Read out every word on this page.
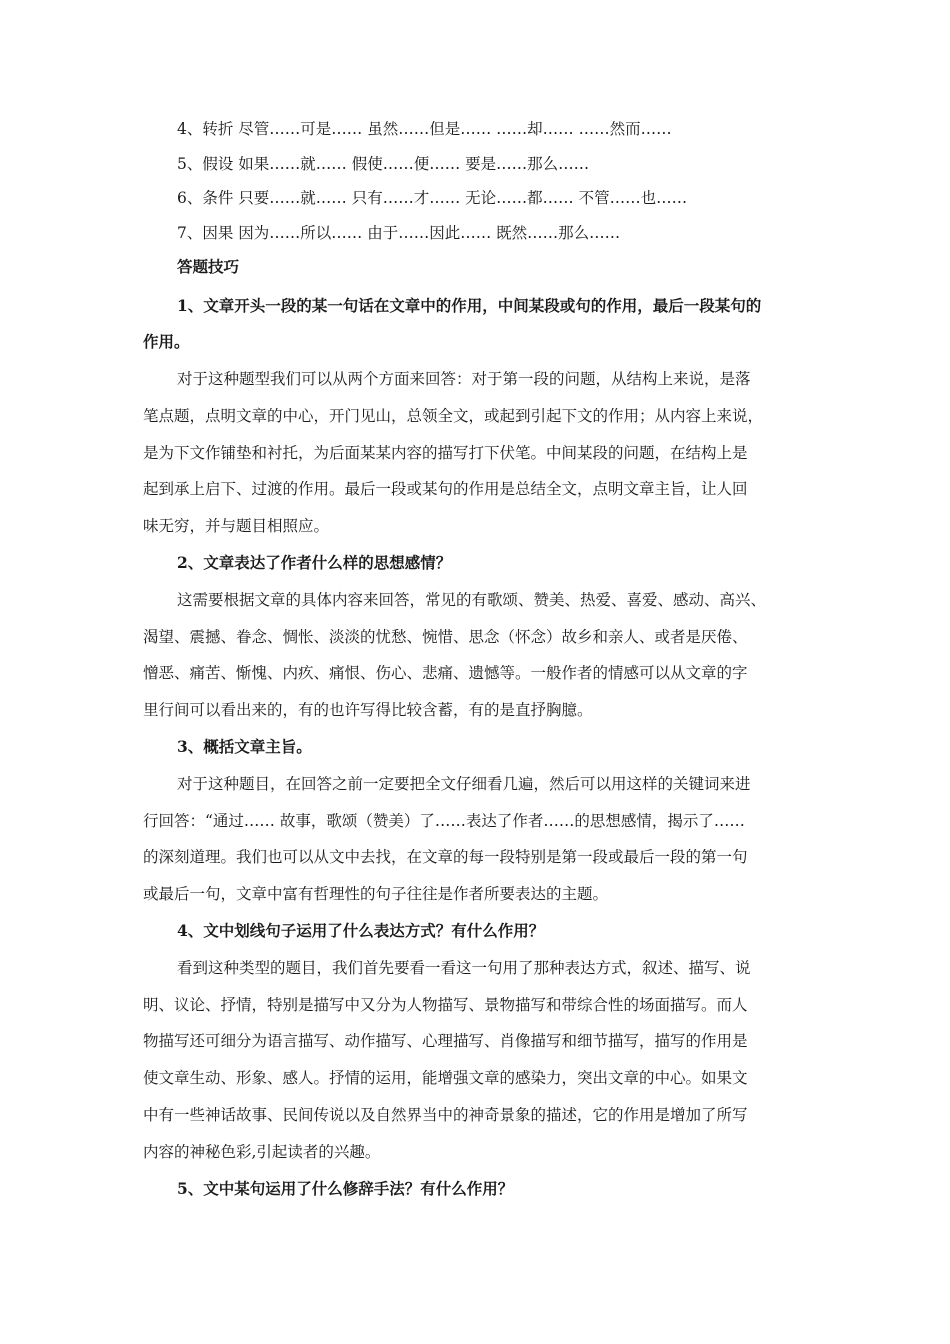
4、转折 尽管……可是…… 虽然……但是…… ……却…… ……然而……
5、假设 如果……就…… 假使……便…… 要是……那么……
6、条件 只要……就…… 只有……才…… 无论……都…… 不管……也……
7、因果 因为……所以…… 由于……因此…… 既然……那么……
答题技巧
1、文章开头一段的某一句话在文章中的作用，中间某段或句的作用，最后一段某句的
作用。
对于这种题型我们可以从两个方面来回答：对于第一段的问题，从结构上来说，是落
笔点题，点明文章的中心，开门见山，总领全文，或起到引起下文的作用；从内容上来说，
是为下文作铺垫和衬托，为后面某某内容的描写打下伏笔。中间某段的问题，在结构上是
起到承上启下、过渡的作用。最后一段或某句的作用是总结全文，点明文章主旨，让人回
味无穷，并与题目相照应。
2、文章表达了作者什么样的思想感情？
这需要根据文章的具体内容来回答，常见的有歌颂、赞美、热爱、喜爱、感动、高兴、
渴望、震撼、眷念、惆怅、淡淡的忧愁、惋惜、思念（怀念）故乡和亲人、或者是厌倦、
憎恶、痛苦、惭愧、内疚、痛恨、伤心、悲痛、遗憾等。一般作者的情感可以从文章的字
里行间可以看出来的，有的也许写得比较含蓄，有的是直抒胸臆。
3、概括文章主旨。
对于这种题目，在回答之前一定要把全文仔细看几遍，然后可以用这样的关键词来进
行回答：“通过…… 故事，歌颂（赞美）了……表达了作者……的思想感情，揭示了……
的深刻道理。我们也可以从文中去找，在文章的每一段特别是第一段或最后一段的第一句
或最后一句，文章中富有哲理性的句子往往是作者所要表达的主题。
4、文中划线句子运用了什么表达方式？有什么作用？
看到这种类型的题目，我们首先要看一看这一句用了那种表达方式，叙述、描写、说
明、议论、抒情，特别是描写中又分为人物描写、景物描写和带综合性的场面描写。而人
物描写还可细分为语言描写、动作描写、心理描写、肖像描写和细节描写，描写的作用是
使文章生动、形象、感人。抒情的运用，能增强文章的感染力，突出文章的中心。如果文
中有一些神话故事、民间传说以及自然界当中的神奇景象的描述，它的作用是增加了所写
内容的神秘色彩,引起读者的兴趣。
5、文中某句运用了什么修辞手法？有什么作用？
